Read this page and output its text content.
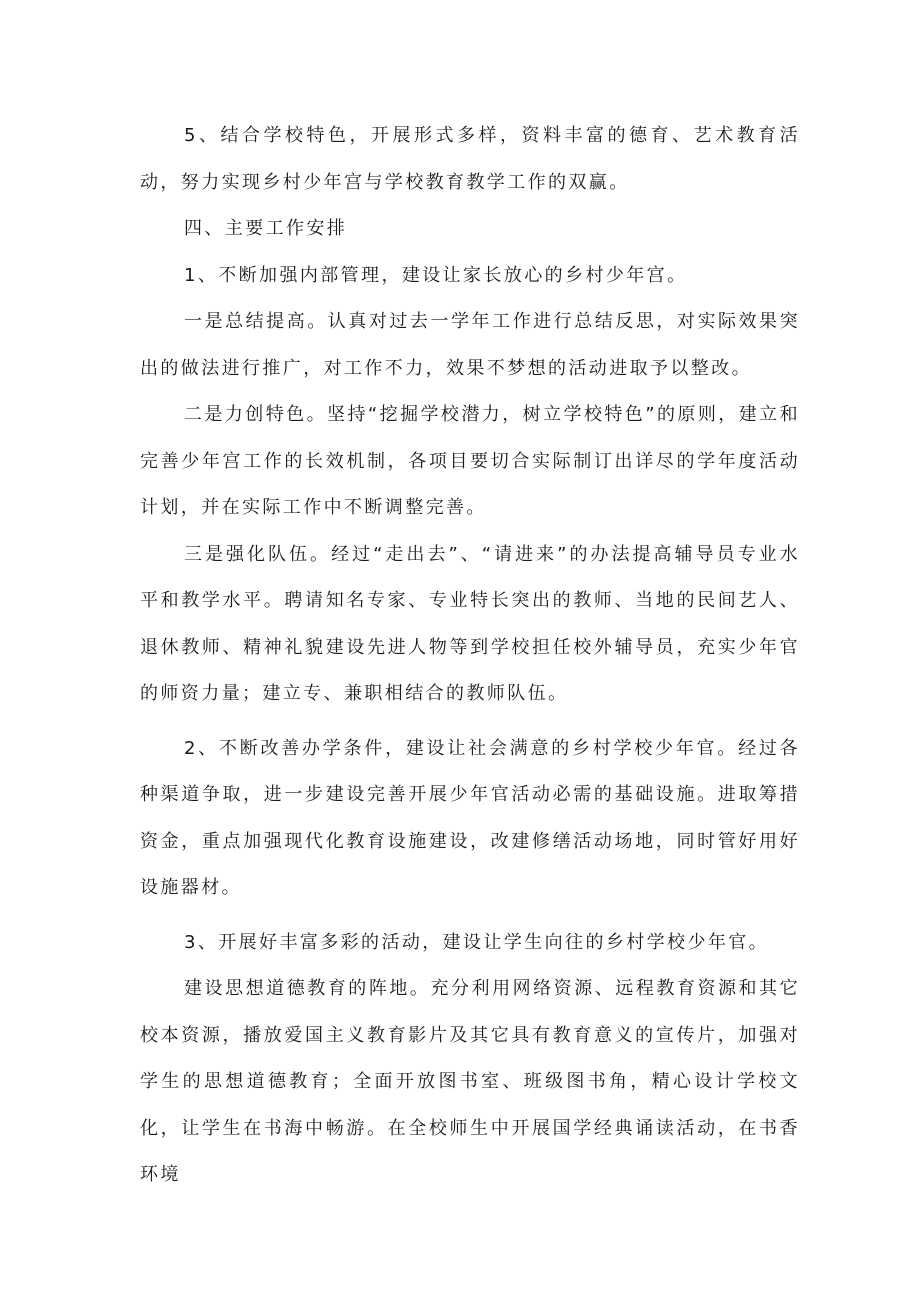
5、结合学校特色，开展形式多样，资料丰富的德育、艺术教育活动，努力实现乡村少年宫与学校教育教学工作的双赢。

四、主要工作安排

1、不断加强内部管理，建设让家长放心的乡村少年宫。

一是总结提高。认真对过去一学年工作进行总结反思，对实际效果突出的做法进行推广，对工作不力，效果不梦想的活动进取予以整改。

二是力创特色。坚持“挖掘学校潜力，树立学校特色”的原则，建立和完善少年宫工作的长效机制，各项目要切合实际制订出详尽的学年度活动计划，并在实际工作中不断调整完善。

三是强化队伍。经过“走出去”、“请进来”的办法提高辅导员专业水平和教学水平。聘请知名专家、专业特长突出的教师、当地的民间艺人、退休教师、精神礼貌建设先进人物等到学校担任校外辅导员，充实少年官的师资力量；建立专、兼职相结合的教师队伍。

2、不断改善办学条件，建设让社会满意的乡村学校少年官。经过各种渠道争取，进一步建设完善开展少年官活动必需的基础设施。进取筹措资金，重点加强现代化教育设施建设，改建修缮活动场地，同时管好用好设施器材。

3、开展好丰富多彩的活动，建设让学生向往的乡村学校少年官。

建设思想道德教育的阵地。充分利用网络资源、远程教育资源和其它校本资源，播放爱国主义教育影片及其它具有教育意义的宣传片，加强对学生的思想道德教育；全面开放图书室、班级图书角，精心设计学校文化，让学生在书海中畅游。在全校师生中开展国学经典诵读活动，在书香环境
